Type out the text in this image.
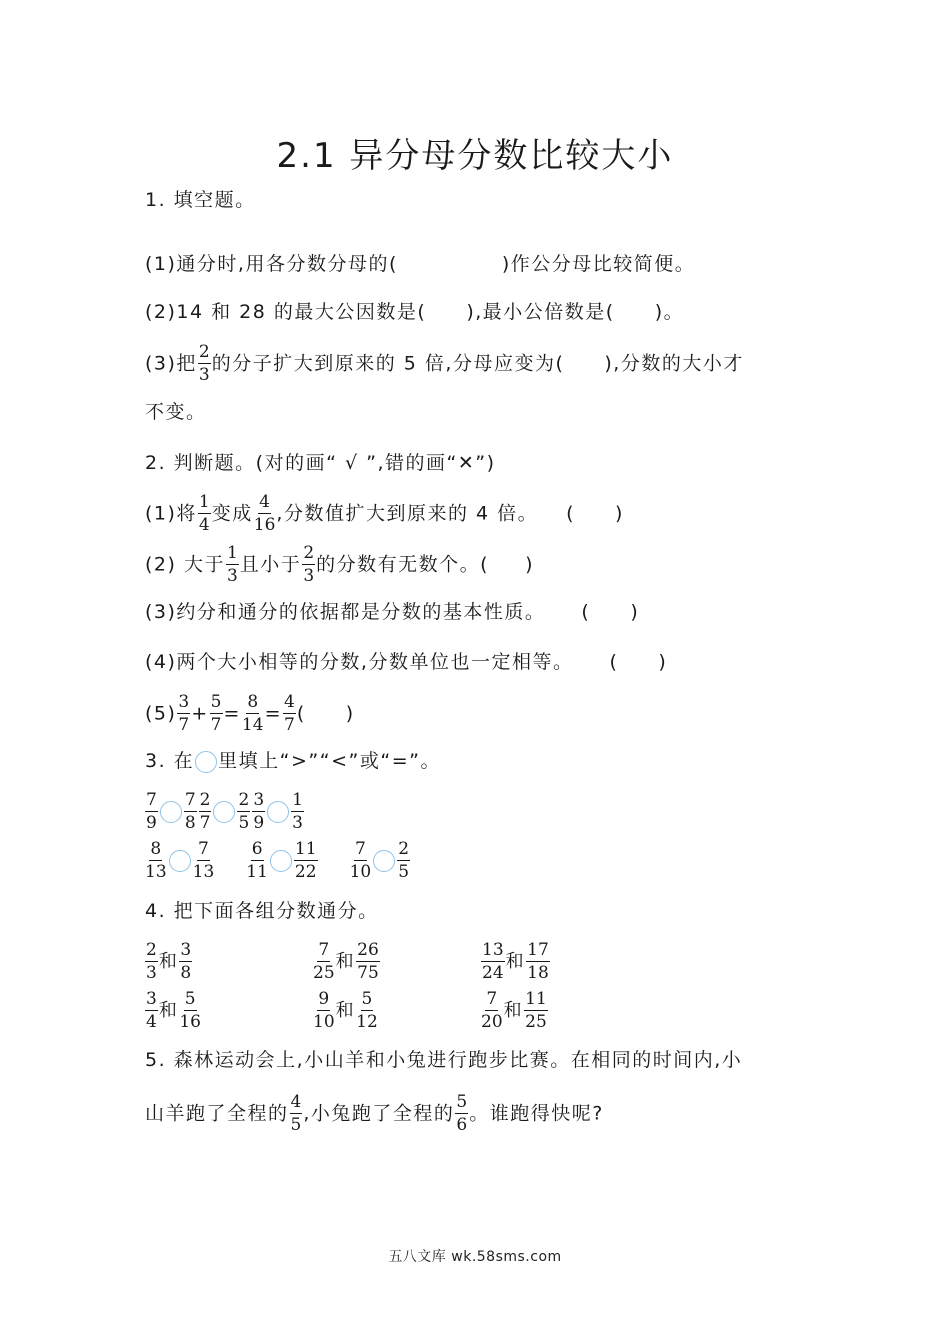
2.1 异分母分数比较大小
1. 填空题。
(1)通分时,用各分数分母的(	)作公分母比较简便。
(2)14 和 28 的最大公因数是( ),最小公倍数是( )。
(3)把 $\frac{2}{3}$ 的分子扩大到原来的 5 倍,分母应变为( ),分数的大小才
不变。
2. 判断题。(对的画“ √ ”,错的画“✕”)
(1)将 $\frac{1}{4}$ 变成 $\frac{4}{16}$ ,分数值扩大到原来的 4 倍。 ( )
(2) 大于 $\frac{1}{3}$ 且小于 $\frac{2}{3}$ 的分数有无数个。( )
(3)约分和通分的依据都是分数的基本性质。 ( )
(4)两个大小相等的分数,分数单位也一定相等。 ( )
$(5) \frac{3}{7} + \frac{5}{7} = \frac{8}{14} = \frac{4}{7}$ ( )
3. 在 里填上“>”“<”或“=”。
$\frac{7}{9} \frac{7}{8} \frac{2}{7} \frac{2}{5} \frac{3}{9} \frac{1}{3}$
$\frac{8}{13} \frac{7}{13} \frac{6}{11} \frac{11}{22} \frac{7}{10} \frac{2}{5}$
4. 把下面各组分数通分。
$\frac{2}{3}$ 和 $\frac{3}{8}$	$\frac{7}{25}$ 和 $\frac{26}{75}$	$\frac{13}{24}$ 和 $\frac{17}{18}$
$\frac{3}{4}$ 和 $\frac{5}{16}$	$\frac{9}{10}$ 和 $\frac{5}{12}$	$\frac{7}{20}$ 和 $\frac{11}{25}$
5. 森林运动会上,小山羊和小兔进行跑步比赛。在相同的时间内,小
山羊跑了全程的 $\frac{4}{5}$ ,小兔跑了全程的 $\frac{5}{6}$ 。谁跑得快呢?
五八文库 wk.58sms.com
